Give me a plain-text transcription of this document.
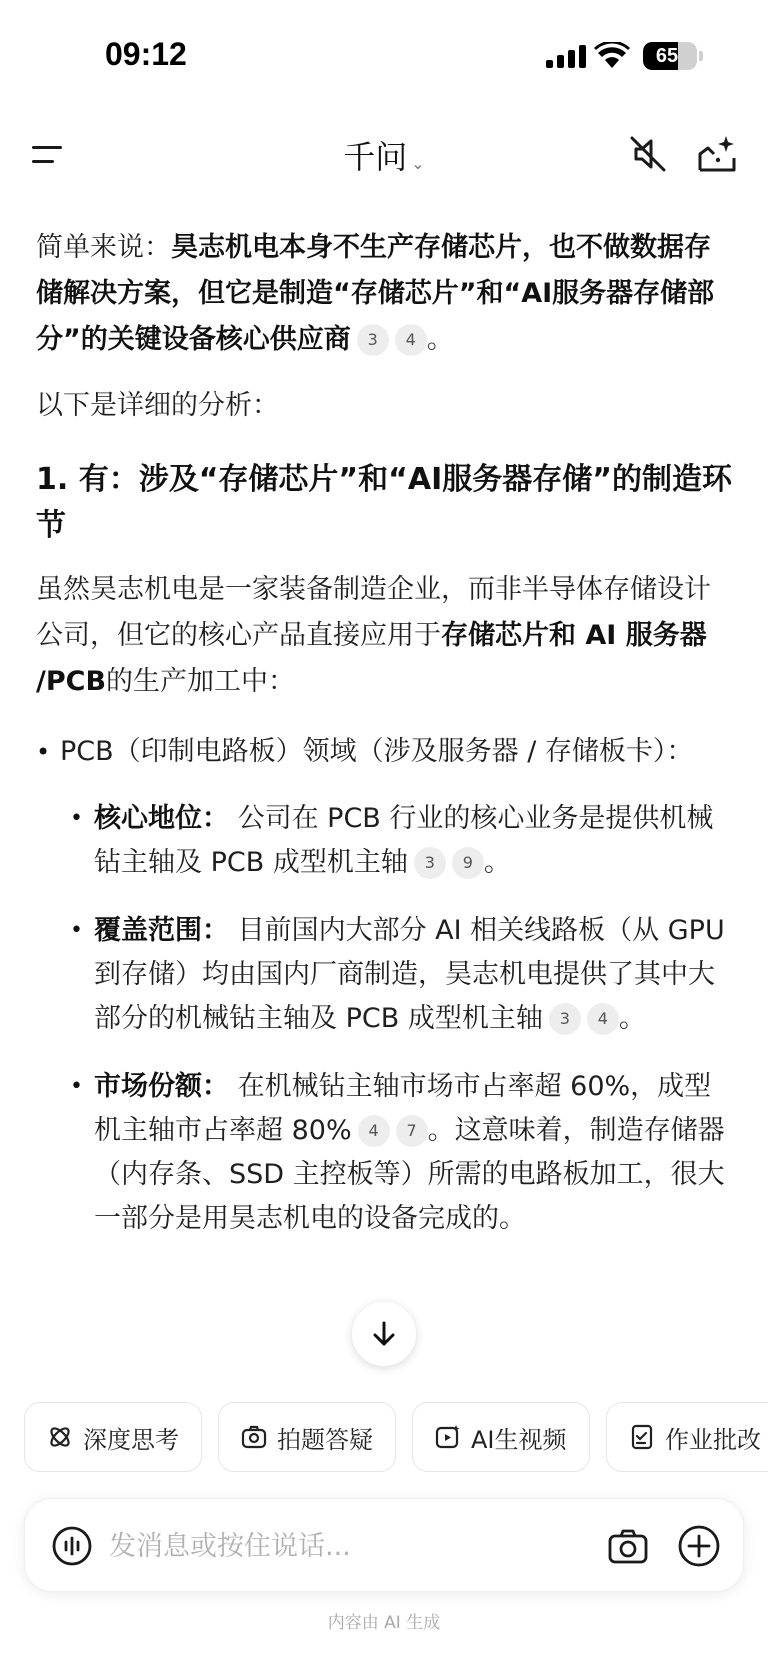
09:12	65
千问 ⌄

简单来说：昊志机电本身不生产存储芯片，也不做数据存储解决方案，但它是制造“存储芯片”和“AI服务器存储部分”的关键设备核心供应商 3 4 。

以下是详细的分析：

1. 有：涉及“存储芯片”和“AI服务器存储”的制造环节

虽然昊志机电是一家装备制造企业，而非半导体存储设计公司，但它的核心产品直接应用于存储芯片和 AI 服务器 /PCB的生产加工中：

• PCB（印制电路板）领域（涉及服务器 / 存储板卡）：
• 核心地位： 公司在 PCB 行业的核心业务是提供机械钻主轴及 PCB 成型机主轴 3 9 。
• 覆盖范围： 目前国内大部分 AI 相关线路板（从 GPU 到存储）均由国内厂商制造，昊志机电提供了其中大部分的机械钻主轴及 PCB 成型机主轴 3 4 。
• 市场份额： 在机械钻主轴市场市占率超 60%，成型机主轴市占率超 80% 4 7 。这意味着，制造存储器（内存条、SSD 主控板等）所需的电路板加工，很大一部分是用昊志机电的设备完成的。
深度思考	拍题答疑	AI生视频	作业批改
发消息或按住说话...
内容由 AI 生成
